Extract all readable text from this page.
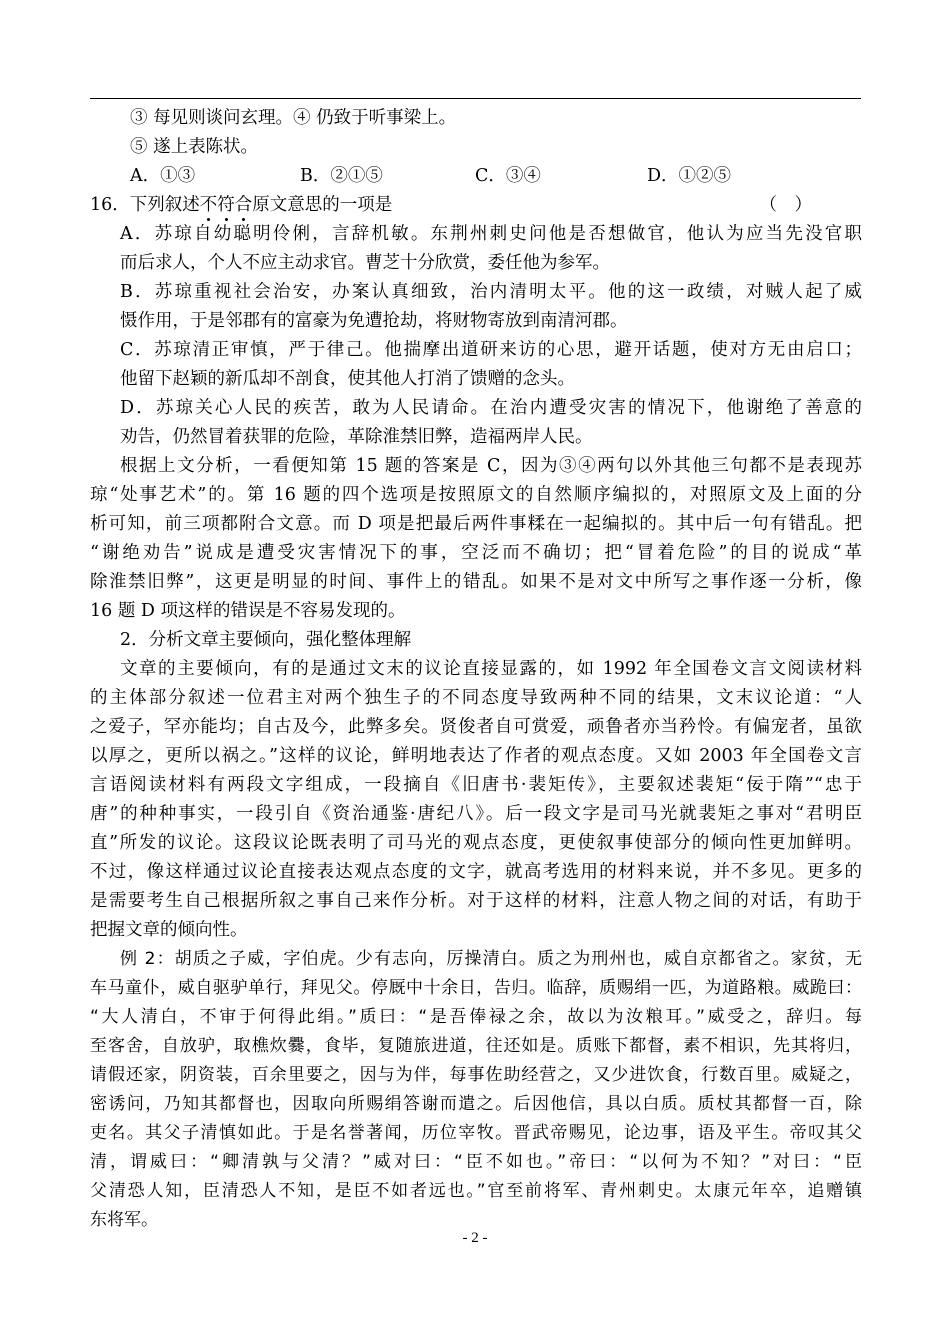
③ 每见则谈问玄理。④ 仍致于听事梁上。
⑤ 遂上表陈状。
A．①③	B．②①⑤	C．③④	D．①②⑤
16．下列叙述不
符
合
原文意思的一项是	（　）
A．苏琼自幼聪明伶俐，言辞机敏。东荆州刺史问他是否想做官，他认为应当先没官职
而后求人，个人不应主动求官。曹芝十分欣赏，委任他为参军。
B．苏琼重视社会治安，办案认真细致，治内清明太平。他的这一政绩，对贼人起了威
慑作用，于是邻郡有的富豪为免遭抢劫，将财物寄放到南清河郡。
C．苏琼清正审慎，严于律己。他揣摩出道研来访的心思，避开话题，使对方无由启口；
他留下赵颖的新瓜却不剖食，使其他人打消了馈赠的念头。
D．苏琼关心人民的疾苦，敢为人民请命。在治内遭受灾害的情况下，他谢绝了善意的
劝告，仍然冒着获罪的危险，革除淮禁旧弊，造福两岸人民。
根据上文分析，一看便知第 15 题的答案是 C，因为③④两句以外其他三句都不是表现苏
琼“处事艺术”的。第 16 题的四个选项是按照原文的自然顺序编拟的，对照原文及上面的分
析可知，前三项都附合文意。而 D 项是把最后两件事糅在一起编拟的。其中后一句有错乱。把
“谢绝劝告”说成是遭受灾害情况下的事，空泛而不确切；把“冒着危险”的目的说成“革
除淮禁旧弊”，这更是明显的时间、事件上的错乱。如果不是对文中所写之事作逐一分析，像
16 题 D 项这样的错误是不容易发现的。
2．分析文章主要倾向，强化整体理解
文章的主要倾向，有的是通过文末的议论直接显露的，如 1992 年全国卷文言文阅读材料
的主体部分叙述一位君主对两个独生子的不同态度导致两种不同的结果，文末议论道：“人
之爱子，罕亦能均；自古及今，此弊多矣。贤俊者自可赏爱，顽鲁者亦当矜怜。有偏宠者，虽欲
以厚之，更所以祸之。”这样的议论，鲜明地表达了作者的观点态度。又如 2003 年全国卷文言
言语阅读材料有两段文字组成，一段摘自《旧唐书·裴矩传》，主要叙述裴矩“佞于隋”“忠于
唐”的种种事实，一段引自《资治通鉴·唐纪八》。后一段文字是司马光就裴矩之事对“君明臣
直”所发的议论。这段议论既表明了司马光的观点态度，更使叙事使部分的倾向性更加鲜明。
不过，像这样通过议论直接表达观点态度的文字，就高考选用的材料来说，并不多见。更多的
是需要考生自己根据所叙之事自己来作分析。对于这样的材料，注意人物之间的对话，有助于
把握文章的倾向性。
例 2：胡质之子威，字伯虎。少有志向，厉操清白。质之为刑州也，威自京都省之。家贫，无
车马童仆，威自驱驴单行，拜见父。停厩中十余日，告归。临辞，质赐绢一匹，为道路粮。威跪曰：
“大人清白，不审于何得此绢。”质曰：“是吾俸禄之余，故以为汝粮耳。”威受之，辞归。每
至客舍，自放驴，取樵炊爨，食毕，复随旅进道，往还如是。质账下都督，素不相识，先其将归，
请假还家，阴资装，百余里要之，因与为伴，每事佐助经营之，又少进饮食，行数百里。威疑之，
密诱问，乃知其都督也，因取向所赐绢答谢而遣之。后因他信，具以白质。质杖其都督一百，除
吏名。其父子清慎如此。于是名誉著闻，历位宰牧。晋武帝赐见，论边事，语及平生。帝叹其父
清，谓威曰：“卿清孰与父清？”威对曰：“臣不如也。”帝曰：“以何为不知？”对曰：“臣
父清恐人知，臣清恐人不知，是臣不如者远也。”官至前将军、青州刺史。太康元年卒，追赠镇
东将军。
- 2 -
